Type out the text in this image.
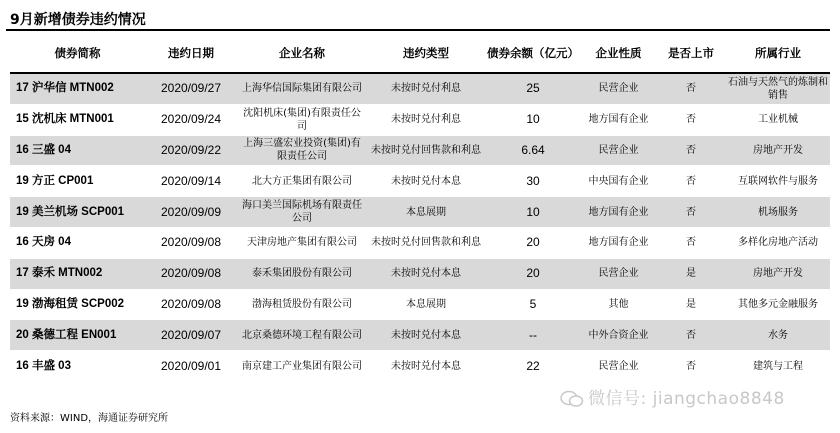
9月新增债券违约情况
债券简称	违约日期	企业名称	违约类型	债券余额（亿元）	企业性质	是否上市	所属行业
17 沪华信 MTN002	2020/09/27	上海华信国际集团有限公司	未按时兑付利息	25	民营企业	否	石油与天然气的炼制和销售
15 沈机床 MTN001	2020/09/24	沈阳机床(集团)有限责任公司	未按时兑付利息	10	地方国有企业	否	工业机械
16 三盛 04	2020/09/22	上海三盛宏业投资(集团)有限责任公司	未按时兑付回售款和利息	6.64	民营企业	否	房地产开发
19 方正 CP001	2020/09/14	北大方正集团有限公司	未按时兑付本息	30	中央国有企业	否	互联网软件与服务
19 美兰机场 SCP001	2020/09/09	海口美兰国际机场有限责任公司	本息展期	10	地方国有企业	否	机场服务
16 天房 04	2020/09/08	天津房地产集团有限公司	未按时兑付回售款和利息	20	地方国有企业	否	多样化房地产活动
17 泰禾 MTN002	2020/09/08	泰禾集团股份有限公司	未按时兑付本息	20	民营企业	是	房地产开发
19 渤海租赁 SCP002	2020/09/08	渤海租赁股份有限公司	本息展期	5	其他	是	其他多元金融服务
20 桑德工程 EN001	2020/09/07	北京桑德环境工程有限公司	未按时兑付本息	--	中外合资企业	否	水务
16 丰盛 03	2020/09/01	南京建工产业集团有限公司	未按时兑付本息	22	民营企业	否	建筑与工程
资料来源：WIND，海通证券研究所
微信号: jiangchao8848
